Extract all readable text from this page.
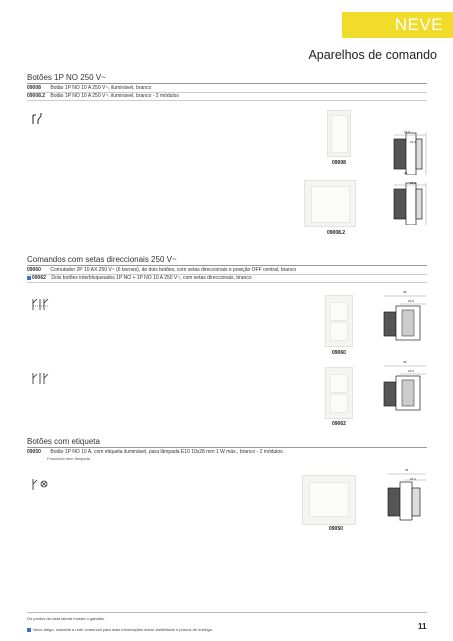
NEVE
Aparelhos de comando
Botões 1P NO 250 V~
09008 Botão 1P NO 10 A 250 V~, iluminável, branco
09008.2 Botão 1P NO 10 A 250 V~, iluminável, branco - 2 módulos
09008
22,5
23,1
09008.2
45
23,1
Comandos com setas direccionais 250 V~
09060 Comutador 2P 10 AX 250 V~ (6 bornes), de dois botões, com setas direccionais e posição OFF central, branco
09062 Dois botões interbloqueados 1P NO + 1P NO 10 A 250 V~, com setas direccionais, branco
09060
45
24,5
09062
45
24,5
Botões com etiqueta
09050 Botão 1P NO 10 A, com etiqueta iluminável, para lâmpada E10 10x28 mm 1 W máx., branco - 2 módulos.
Fornecido sem lâmpada
09050
45
25,3
Os pontos da vista lateral mostra o gabarito
Novo artigo, contacte a rede comercial para mais informações sobre visibilidade e prazos de entrega.	11
